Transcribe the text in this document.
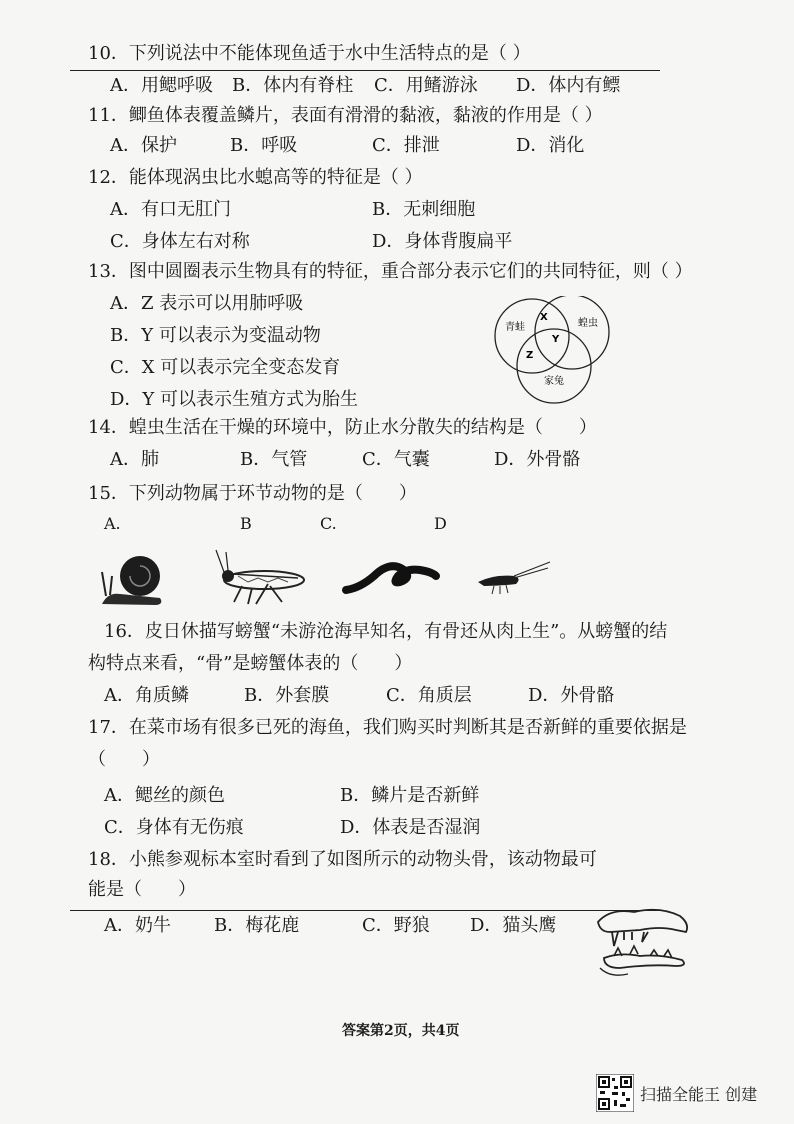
10．下列说法中不能体现鱼适于水中生活特点的是（ ）
A．用鳃呼吸 B．体内有脊柱 C．用鳍游泳 D．体内有鳔
11．鲫鱼体表覆盖鳞片，表面有滑滑的黏液，黏液的作用是（ ）
A．保护	B．呼吸	C．排泄	D．消化
12．能体现涡虫比水螅高等的特征是（ ）
A．有口无肛门	B．无刺细胞
C．身体左右对称	D．身体背腹扁平
13．图中圆圈表示生物具有的特征，重合部分表示它们的共同特征，则（ ）
A．Z 表示可以用肺呼吸
B．Y 可以表示为变温动物
C．X 可以表示完全变态发育
D．Y 可以表示生殖方式为胎生
青蛙	蝗虫
家兔
X
Y
Z
14．蝗虫生活在干燥的环境中，防止水分散失的结构是（　　）
A．肺	B．气管	C．气囊	D．外骨骼
15．下列动物属于环节动物的是（　　）
A.	B	C.	D
16．皮日休描写螃蟹“未游沧海早知名，有骨还从肉上生”。从螃蟹的结
构特点来看，“骨”是螃蟹体表的（　　）
A．角质鳞	B．外套膜	C．角质层	D．外骨骼
17．在菜市场有很多已死的海鱼，我们购买时判断其是否新鲜的重要依据是
（　　）
A．鳃丝的颜色	B．鳞片是否新鲜
C．身体有无伤痕	D．体表是否湿润
18．小熊参观标本室时看到了如图所示的动物头骨，该动物最可
能是（　　）
A．奶牛 B．梅花鹿	C．野狼 D．猫头鹰
答案第2页，共4页
扫描全能王 创建
